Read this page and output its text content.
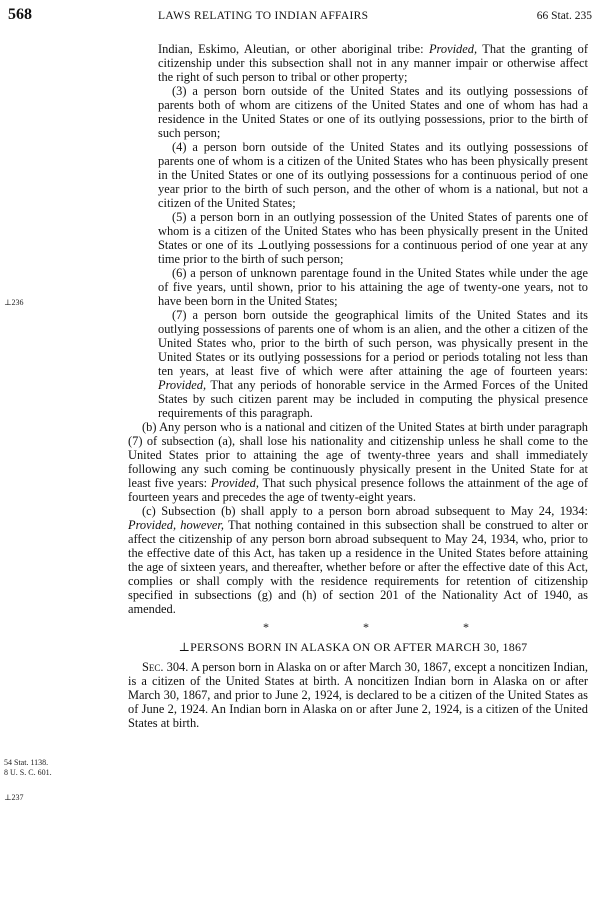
568	LAWS RELATING TO INDIAN AFFAIRS	66 Stat. 235
⊥236
54 Stat. 1138.
8 U. S. C. 601.
⊥237

Indian, Eskimo, Aleutian, or other aboriginal tribe: Provided, That the granting of citizenship under this subsection shall not in any manner impair or otherwise affect the right of such person to tribal or other property;

(3) a person born outside of the United States and its outlying possessions of parents both of whom are citizens of the United States and one of whom has had a residence in the United States or one of its outlying possessions, prior to the birth of such person;

(4) a person born outside of the United States and its outlying possessions of parents one of whom is a citizen of the United States who has been physically present in the United States or one of its outlying possessions for a continuous period of one year prior to the birth of such person, and the other of whom is a national, but not a citizen of the United States;

(5) a person born in an outlying possession of the United States of parents one of whom is a citizen of the United States who has been physically present in the United States or one of its ⊥outlying possessions for a continuous period of one year at any time prior to the birth of such person;

(6) a person of unknown parentage found in the United States while under the age of five years, until shown, prior to his attaining the age of twenty-one years, not to have been born in the United States;

(7) a person born outside the geographical limits of the United States and its outlying possessions of parents one of whom is an alien, and the other a citizen of the United States who, prior to the birth of such person, was physically present in the United States or its outlying possessions for a period or periods totaling not less than ten years, at least five of which were after attaining the age of fourteen years: Provided, That any periods of honorable service in the Armed Forces of the United States by such citizen parent may be included in computing the physical presence requirements of this paragraph.

(b) Any person who is a national and citizen of the United States at birth under paragraph (7) of subsection (a), shall lose his nationality and citizenship unless he shall come to the United States prior to attaining the age of twenty-three years and shall immediately following any such coming be continuously physically present in the United State for at least five years: Provided, That such physical presence follows the attainment of the age of fourteen years and precedes the age of twenty-eight years.

(c) Subsection (b) shall apply to a person born abroad subsequent to May 24, 1934: Provided, however, That nothing contained in this subsection shall be construed to alter or affect the citizenship of any person born abroad subsequent to May 24, 1934, who, prior to the effective date of this Act, has taken up a residence in the United States before attaining the age of sixteen years, and thereafter, whether before or after the effective date of this Act, complies or shall comply with the residence requirements for retention of citizenship specified in subsections (g) and (h) of section 201 of the Nationality Act of 1940, as amended.

*	*	*
⊥PERSONS BORN IN ALASKA ON OR AFTER MARCH 30, 1867

Sec. 304. A person born in Alaska on or after March 30, 1867, except a noncitizen Indian, is a citizen of the United States at birth. A noncitizen Indian born in Alaska on or after March 30, 1867, and prior to June 2, 1924, is declared to be a citizen of the United States as of June 2, 1924. An Indian born in Alaska on or after June 2, 1924, is a citizen of the United States at birth.
